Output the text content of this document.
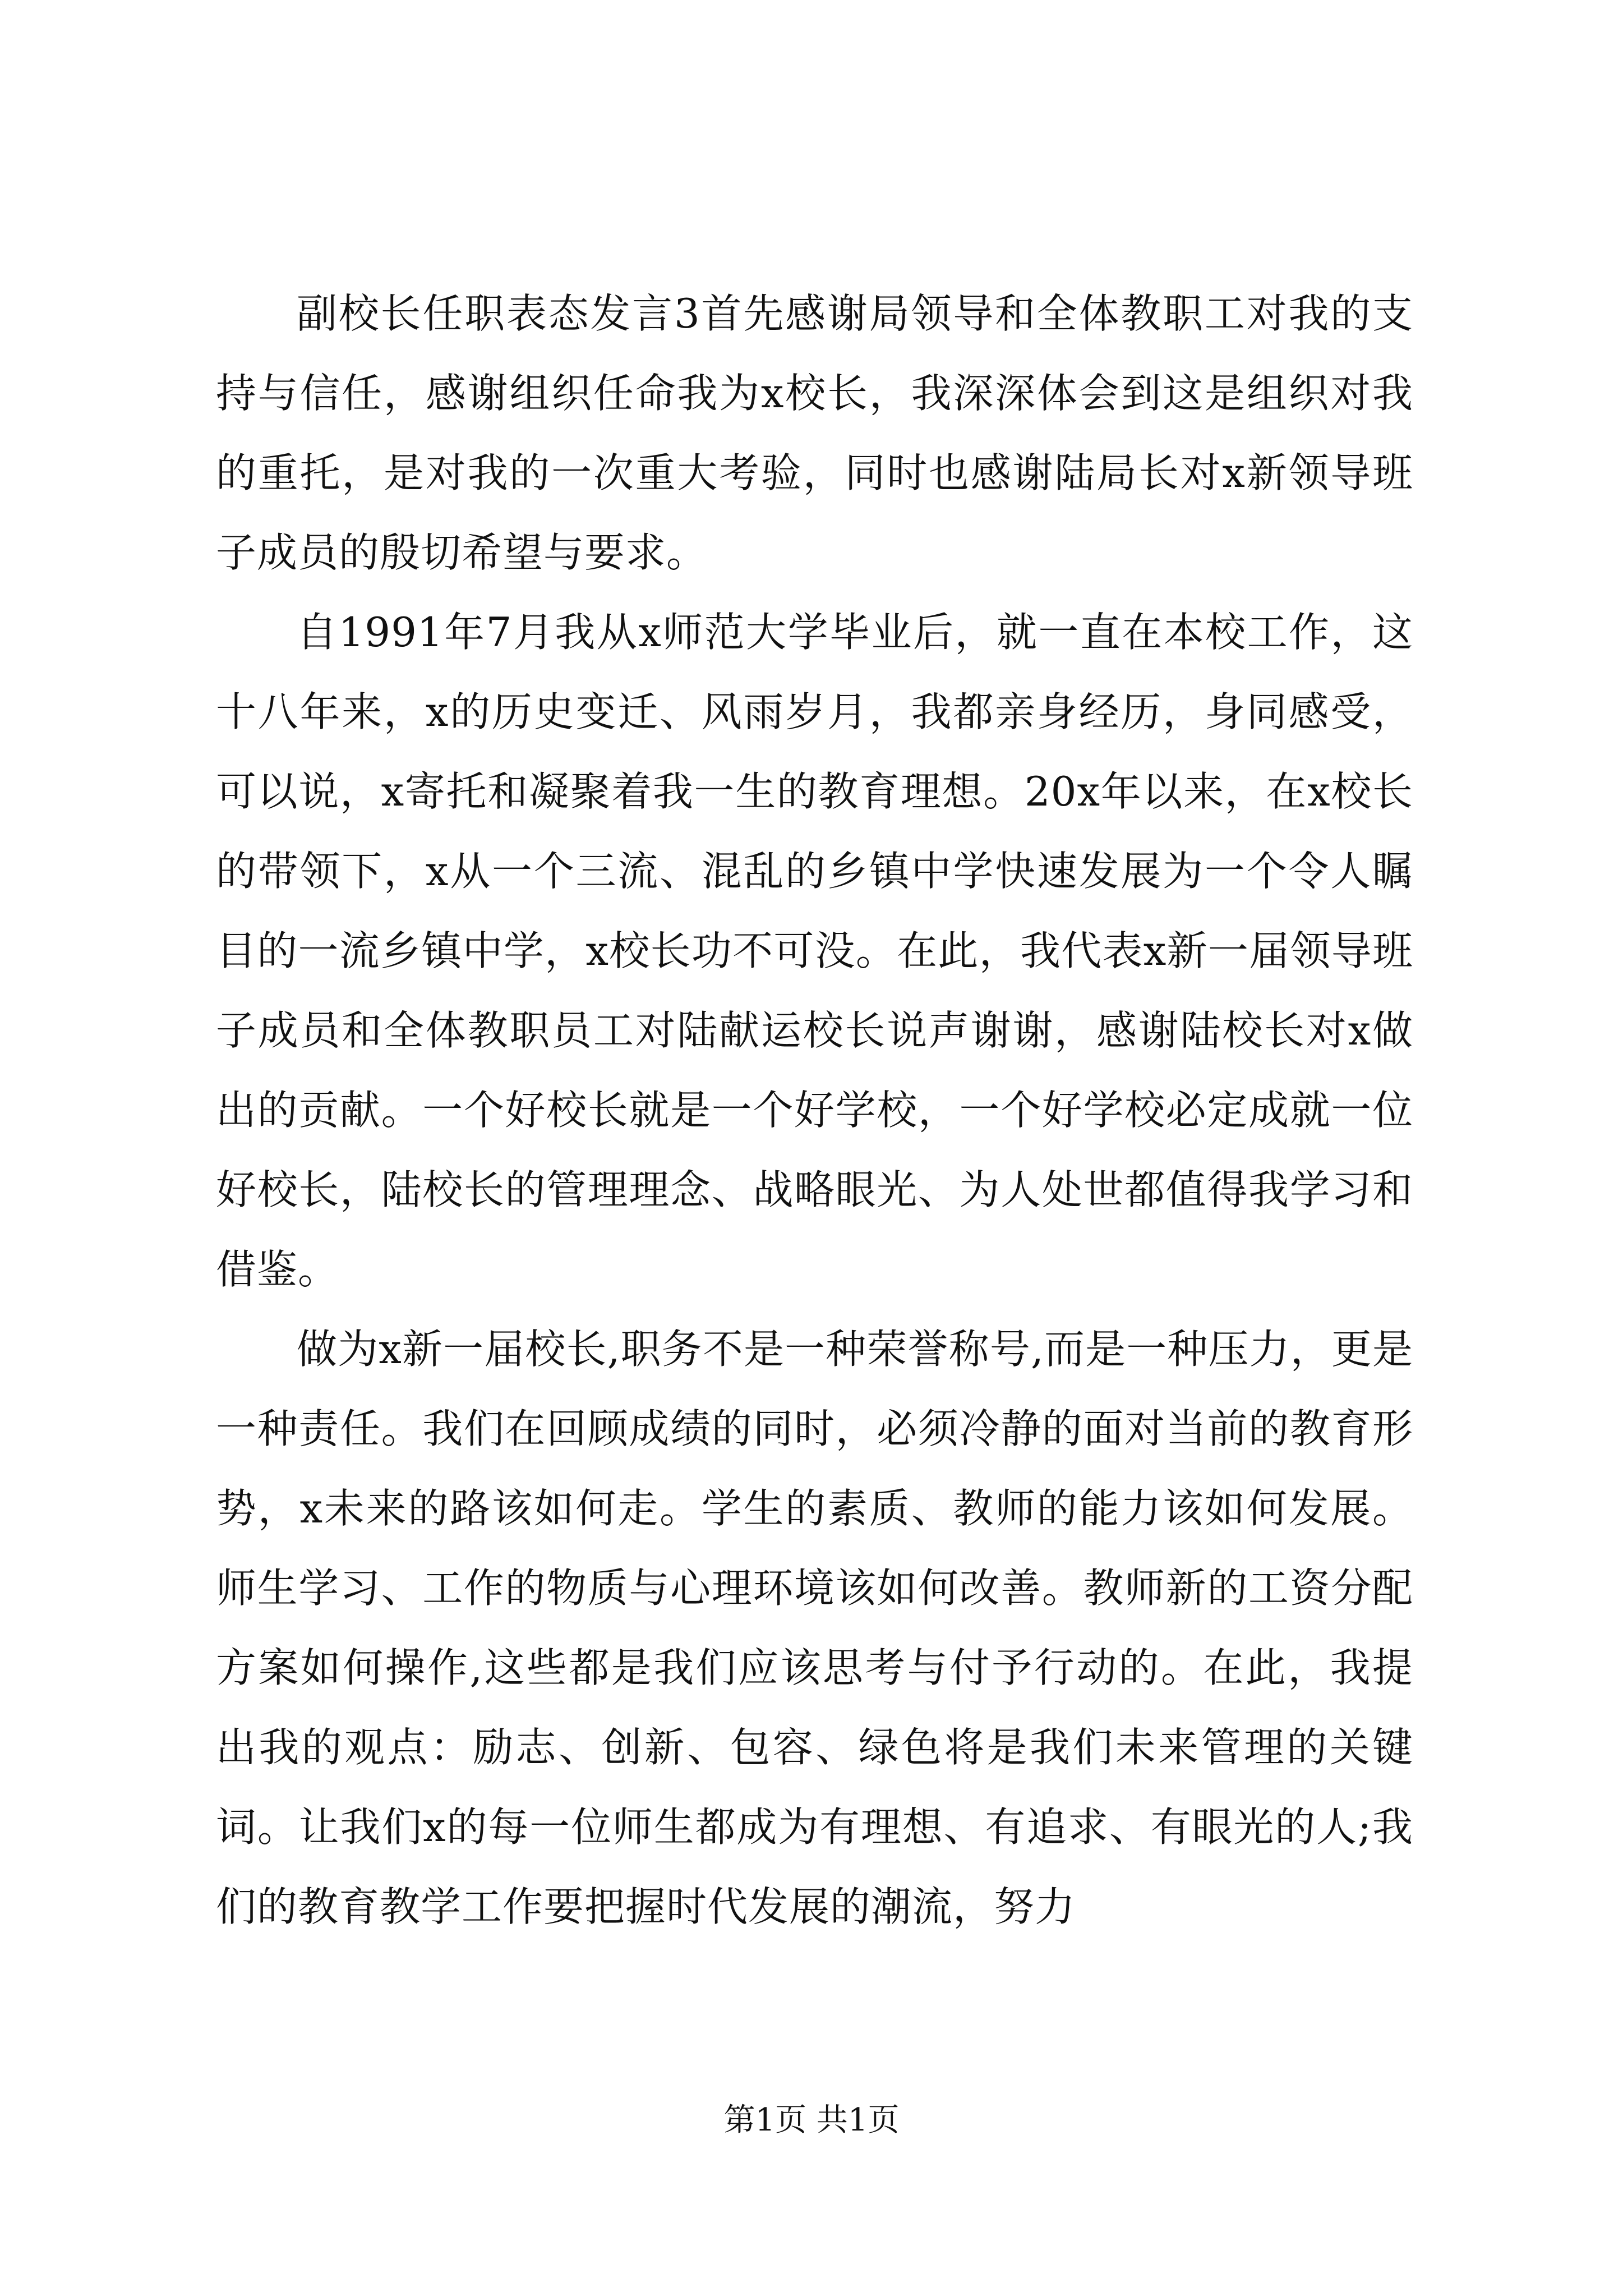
副校长任职表态发言3首先感谢局领导和全体教职工对我的支持与信任，感谢组织任命我为x校长，我深深体会到这是组织对我的重托，是对我的一次重大考验，同时也感谢陆局长对x新领导班子成员的殷切希望与要求。

自1991年7月我从x师范大学毕业后，就一直在本校工作，这十八年来，x的历史变迁、风雨岁月，我都亲身经历，身同感受，可以说，x寄托和凝聚着我一生的教育理想。20x年以来，在x校长的带领下，x从一个三流、混乱的乡镇中学快速发展为一个令人瞩目的一流乡镇中学，x校长功不可没。在此，我代表x新一届领导班子成员和全体教职员工对陆献运校长说声谢谢，感谢陆校长对x做出的贡献。一个好校长就是一个好学校，一个好学校必定成就一位好校长，陆校长的管理理念、战略眼光、为人处世都值得我学习和借鉴。

做为x新一届校长,职务不是一种荣誉称号,而是一种压力，更是一种责任。我们在回顾成绩的同时，必须冷静的面对当前的教育形势，x未来的路该如何走。学生的素质、教师的能力该如何发展。师生学习、工作的物质与心理环境该如何改善。教师新的工资分配方案如何操作,这些都是我们应该思考与付予行动的。在此，我提出我的观点：励志、创新、包容、绿色将是我们未来管理的关键词。让我们x的每一位师生都成为有理想、有追求、有眼光的人;我们的教育教学工作要把握时代发展的潮流，努力

第1页 共1页
